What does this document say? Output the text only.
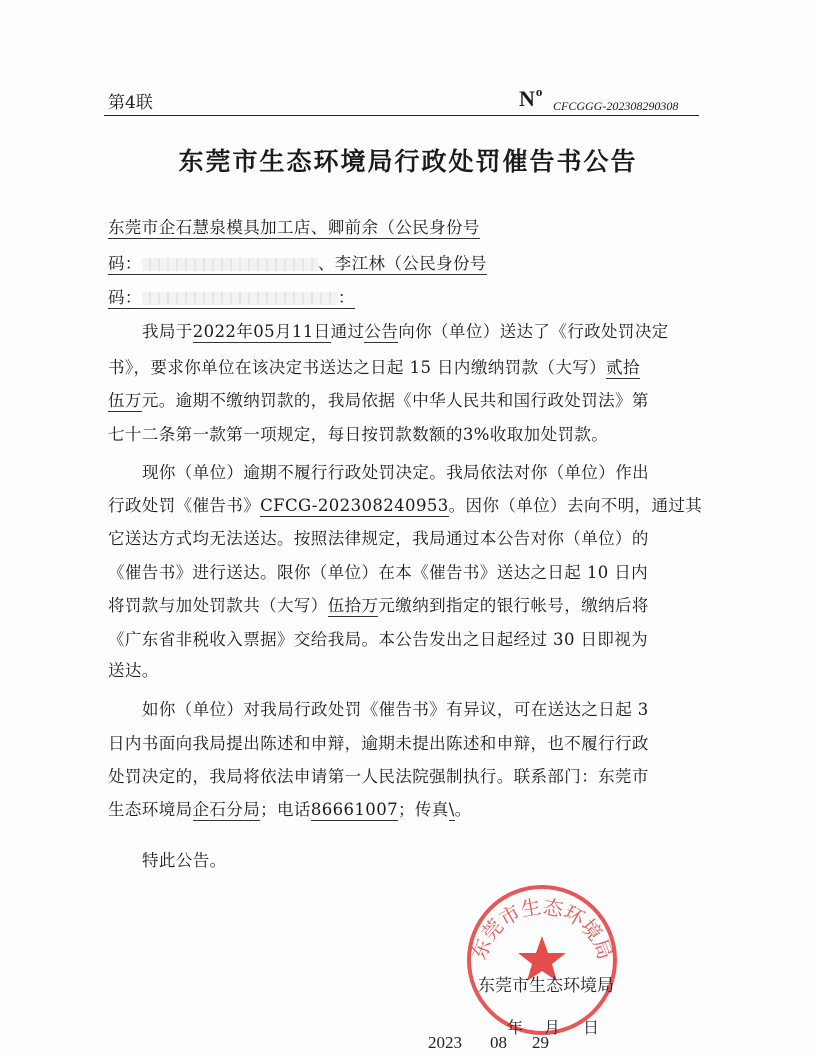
第4联	$N^o$
CFCGGG-202308290308
东莞市生态环境局行政处罚催告书公告
东莞市企石慧泉模具加工店、卿前余（公民身份号
码：	、李江林（公民身份号
码：	：
我局于2022年05月11日通过公告向你（单位）送达了《行政处罚决定
书》，要求你单位在该决定书送达之日起 15 日内缴纳罚款（大写）贰拾
伍万元。逾期不缴纳罚款的，我局依据《中华人民共和国行政处罚法》第
七十二条第一款第一项规定，每日按罚款数额的3%收取加处罚款。
现你（单位）逾期不履行行政处罚决定。我局依法对你（单位）作出
行政处罚《催告书》CFCG-202308240953。因你（单位）去向不明，通过其
它送达方式均无法送达。按照法律规定，我局通过本公告对你（单位）的
《催告书》进行送达。限你（单位）在本《催告书》送达之日起 10 日内
将罚款与加处罚款共（大写）伍拾万元缴纳到指定的银行帐号，缴纳后将
《广东省非税收入票据》交给我局。本公告发出之日起经过 30 日即视为
送达。
如你（单位）对我局行政处罚《催告书》有异议，可在送达之日起 3
日内书面向我局提出陈述和申辩，逾期未提出陈述和申辩，也不履行行政
处罚决定的，我局将依法申请第一人民法院强制执行。联系部门：东莞市
生态环境局企石分局；电话86661007；传真\。
特此公告。
东莞市生态环境局
东莞市生态环境局
年 月 日
2023 08 29
